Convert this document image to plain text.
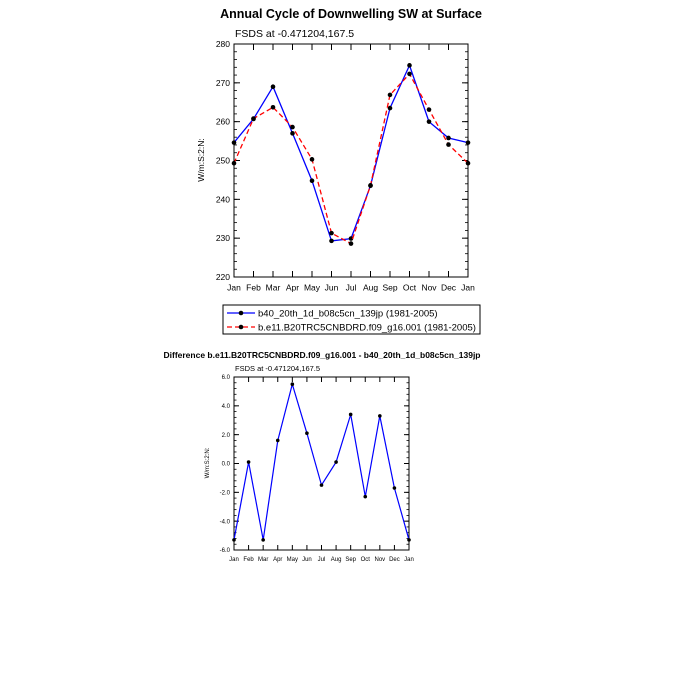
Annual Cycle of Downwelling SW at Surface
FSDS at -0.471204,167.5
W/m:S:2:N:
220
230
240
250
260
270
280
Jan Feb Mar Apr May Jun Jul Aug Sep Oct Nov Dec Jan
b40_20th_1d_b08c5cn_139jp (1981-2005)
b.e11.B20TRC5CNBDRD.f09_g16.001 (1981-2005)
Difference b.e11.B20TRC5CNBDRD.f09_g16.001 - b40_20th_1d_b08c5cn_139jp
FSDS at -0.471204,167.5
W/m:S:2:N:
-6.0
-4.0
-2.0
0.0
2.0
4.0
6.0
Jan Feb Mar Apr May Jun Jul Aug Sep Oct Nov Dec Jan
